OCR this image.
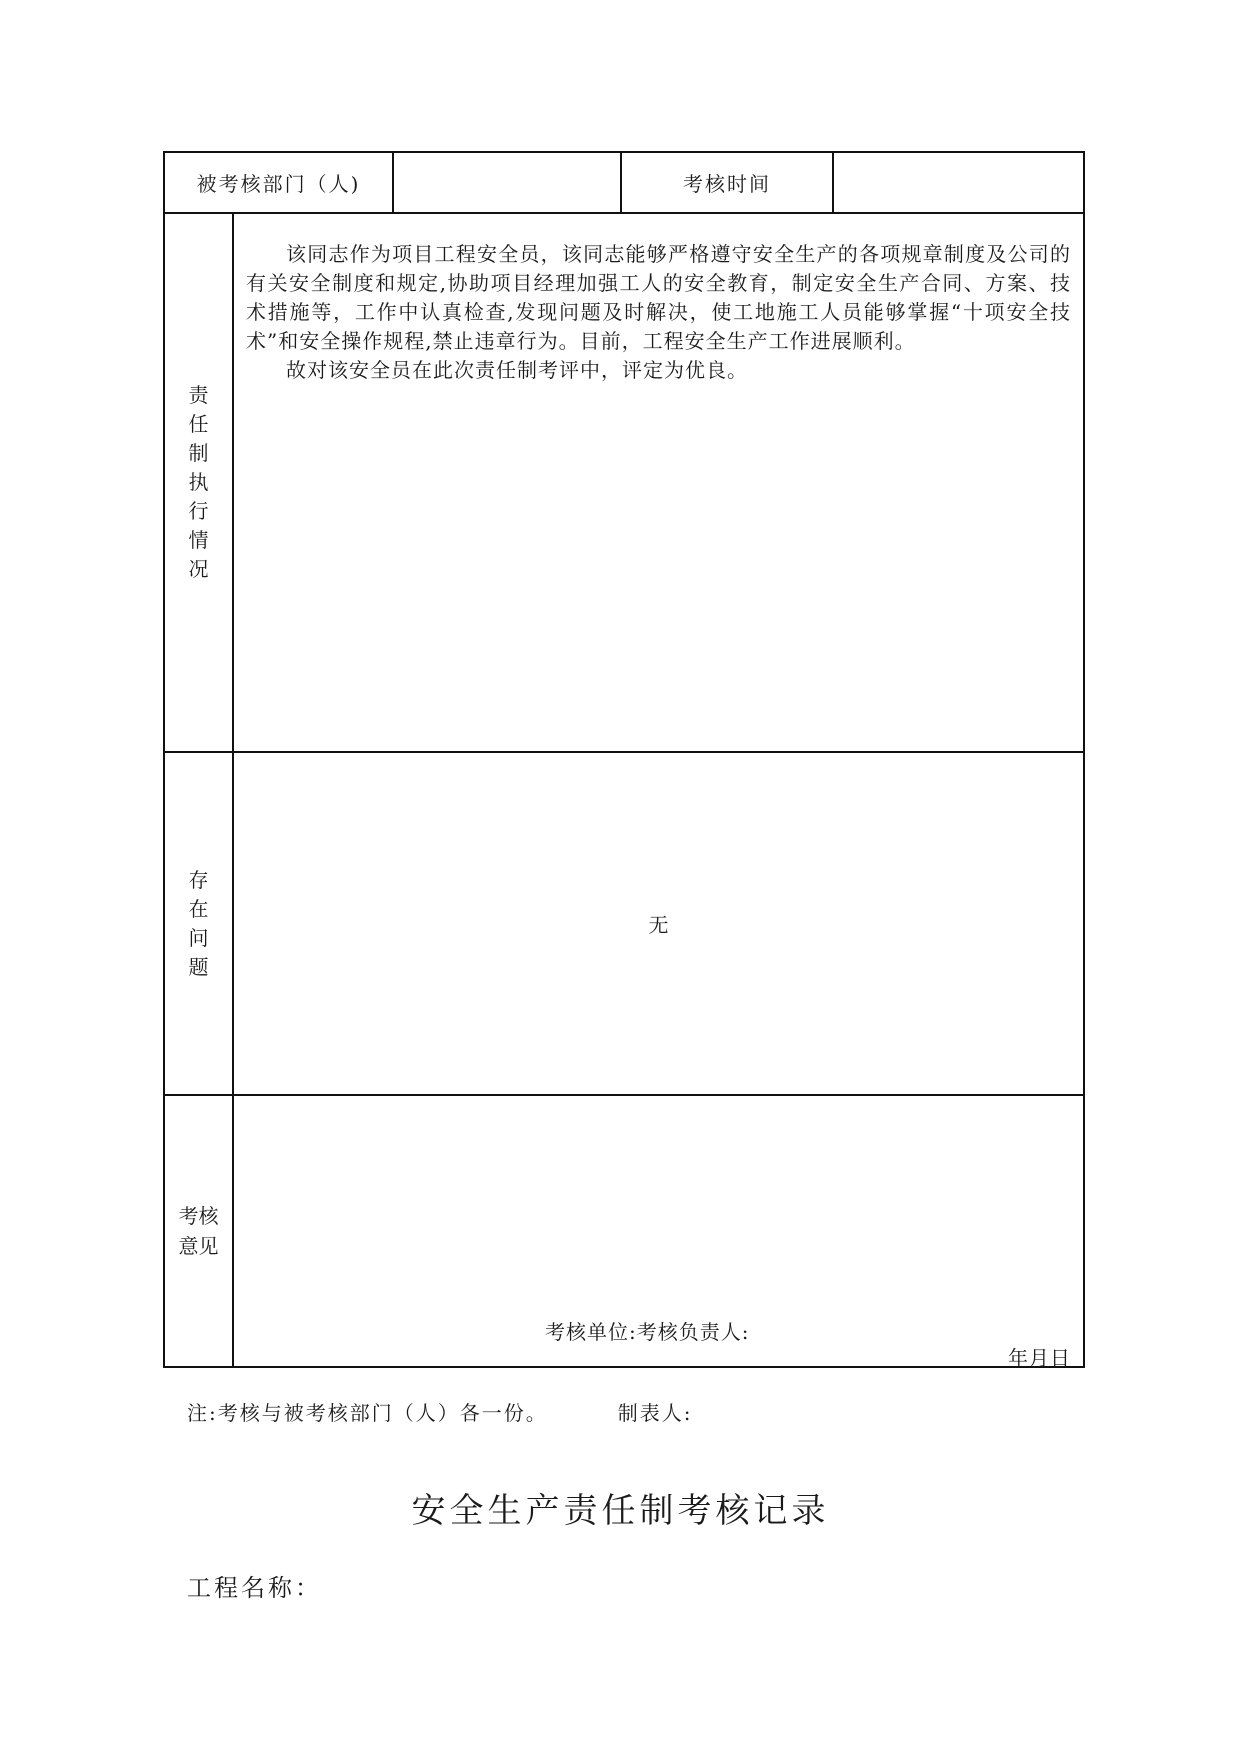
被考核部门（人)			考核时间	
责任制执行情况	该同志作为项目工程安全员，该同志能够严格遵守安全生产的各项规章制度及公司的有关安全制度和规定,协助项目经理加强工人的安全教育，制定安全生产合同、方案、技术措施等，工作中认真检查,发现问题及时解决，使工地施工人员能够掌握“十项安全技术”和安全操作规程,禁止违章行为。目前，工程安全生产工作进展顺利。

故对该安全员在此次责任制考评中，评定为优良。			

存在问题	无			
考核意见	考核单位:考核负责人:
年月日			
注:考核与被考核部门（人）各一份。	制表人:
安全生产责任制考核记录
工程名称：
